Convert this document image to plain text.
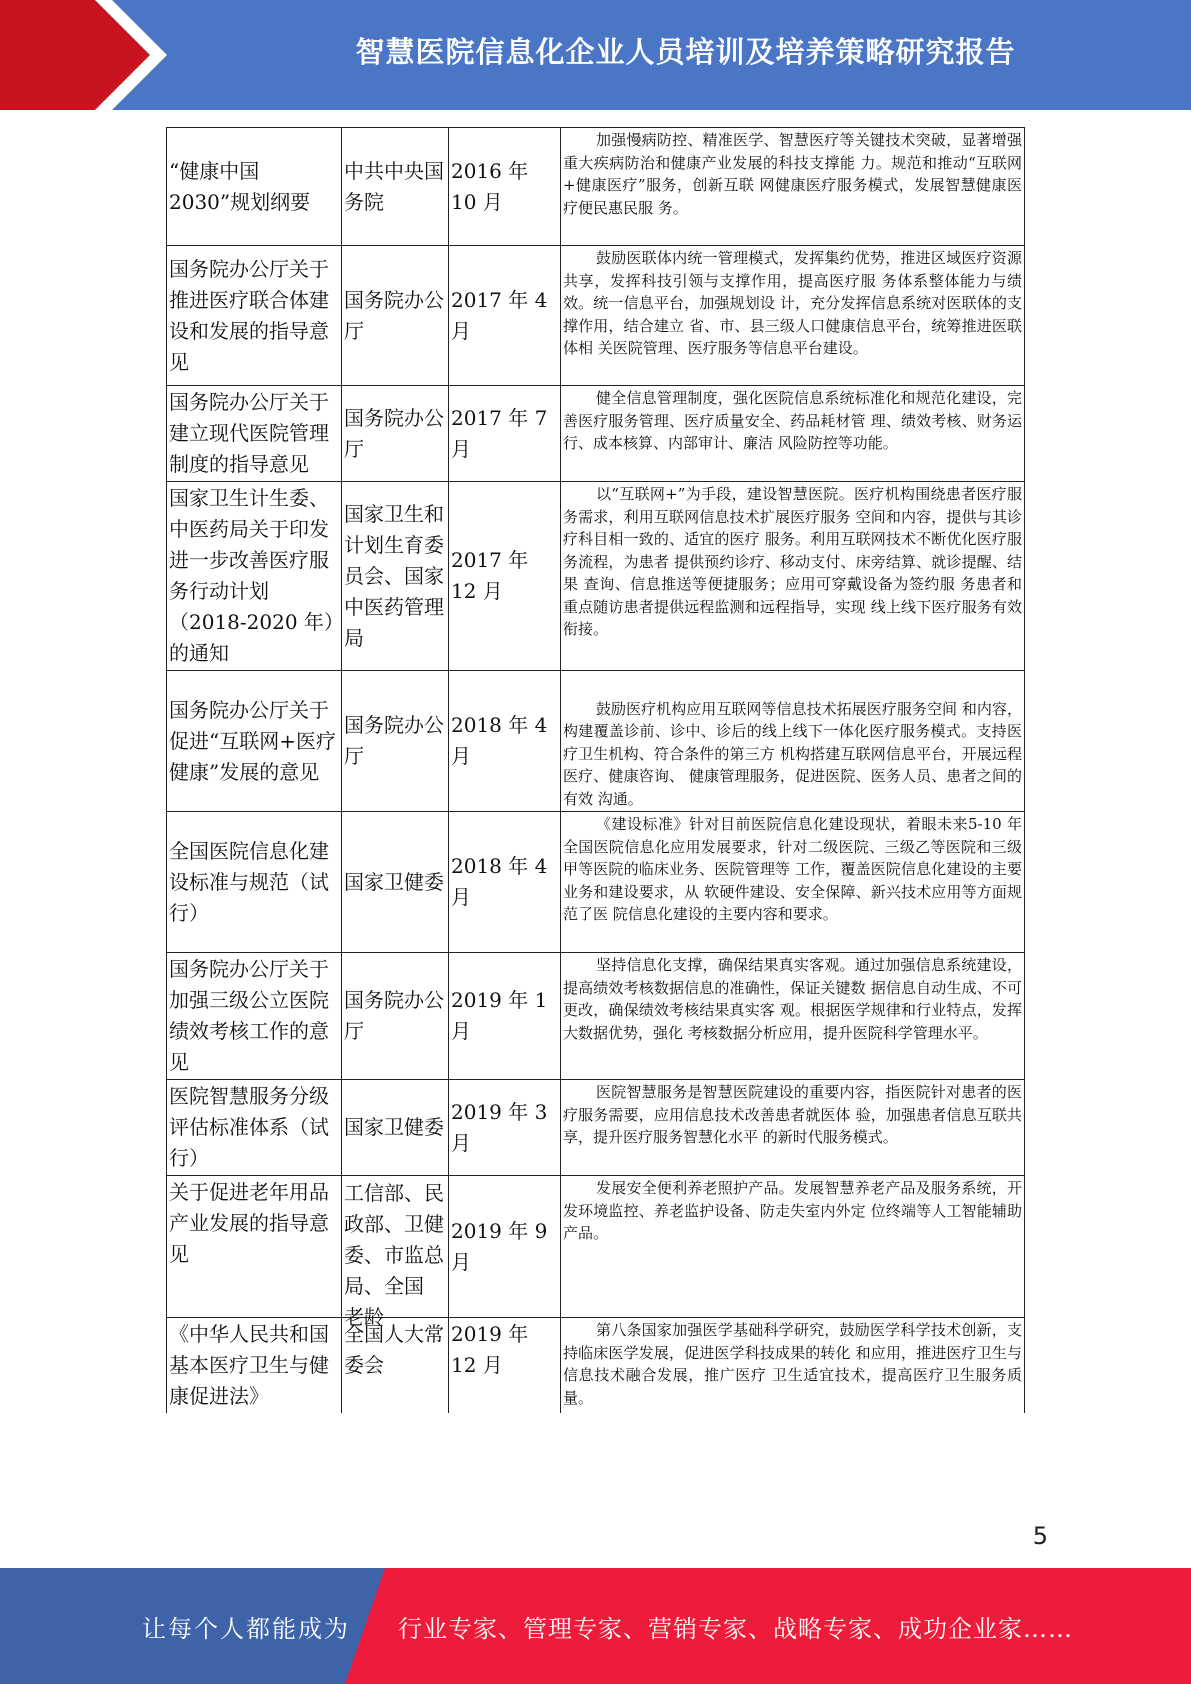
智慧医院信息化企业人员培训及培养策略研究报告
“健康中国 2030”规划纲要	中共中央国务院	2016 年 10 月	加强慢病防控、精准医学、智慧医疗等关键技术突破，显著增强重大疾病防治和健康产业发展的科技支撑能 力。规范和推动“互联网+健康医疗”服务，创新互联 网健康医疗服务模式，发展智慧健康医疗便民惠民服 务。
国务院办公厅关于推进医疗联合体建设和发展的指导意见	国务院办公厅	2017 年 4 月	鼓励医联体内统一管理模式，发挥集约优势，推进区域医疗资源共享，发挥科技引领与支撑作用，提高医疗服 务体系整体能力与绩效。统一信息平台，加强规划设 计，充分发挥信息系统对医联体的支撑作用，结合建立 省、市、县三级人口健康信息平台，统筹推进医联体相 关医院管理、医疗服务等信息平台建设。
国务院办公厅关于建立现代医院管理制度的指导意见	国务院办公厅	2017 年 7 月	健全信息管理制度，强化医院信息系统标准化和规范化建设，完善医疗服务管理、医疗质量安全、药品耗材管 理、绩效考核、财务运行、成本核算、内部审计、廉洁 风险防控等功能。
国家卫生计生委、中医药局关于印发进一步改善医疗服务行动计划（2018-2020 年）的通知	国家卫生和计划生育委员会、国家中医药管理局	2017 年 12 月	以“互联网+”为手段，建设智慧医院。医疗机构围绕患者医疗服务需求，利用互联网信息技术扩展医疗服务 空间和内容，提供与其诊疗科目相一致的、适宜的医疗 服务。利用互联网技术不断优化医疗服务流程，为患者 提供预约诊疗、移动支付、床旁结算、就诊提醒、结果 查询、信息推送等便捷服务；应用可穿戴设备为签约服 务患者和重点随访患者提供远程监测和远程指导，实现 线上线下医疗服务有效衔接。
国务院办公厅关于促进“互联网+医疗健康”发展的意见	国务院办公厅	2018 年 4 月	鼓励医疗机构应用互联网等信息技术拓展医疗服务空间 和内容，构建覆盖诊前、诊中、诊后的线上线下一体化医疗服务模式。支持医疗卫生机构、符合条件的第三方 机构搭建互联网信息平台，开展远程医疗、健康咨询、 健康管理服务，促进医院、医务人员、患者之间的有效 沟通。
全国医院信息化建设标准与规范（试行）	国家卫健委	2018 年 4 月	《建设标准》针对目前医院信息化建设现状，着眼未来5-10 年全国医院信息化应用发展要求，针对二级医院、三级乙等医院和三级甲等医院的临床业务、医院管理等 工作，覆盖医院信息化建设的主要业务和建设要求，从 软硬件建设、安全保障、新兴技术应用等方面规范了医 院信息化建设的主要内容和要求。
国务院办公厅关于加强三级公立医院绩效考核工作的意见	国务院办公厅	2019 年 1 月	坚持信息化支撑，确保结果真实客观。通过加强信息系统建设，提高绩效考核数据信息的准确性，保证关键数 据信息自动生成、不可更改，确保绩效考核结果真实客 观。根据医学规律和行业特点，发挥大数据优势，强化 考核数据分析应用，提升医院科学管理水平。
医院智慧服务分级评估标准体系（试行）	国家卫健委	2019 年 3 月	医院智慧服务是智慧医院建设的重要内容，指医院针对患者的医疗服务需要，应用信息技术改善患者就医体 验，加强患者信息互联共享，提升医疗服务智慧化水平 的新时代服务模式。
关于促进老年用品产业发展的指导意见	工信部、民政部、卫健委、市监总 局、全国 老龄	2019 年 9 月	发展安全便利养老照护产品。发展智慧养老产品及服务系统，开发环境监控、养老监护设备、防走失室内外定 位终端等人工智能辅助产品。
《中华人民共和国基本医疗卫生与健康促进法》	全国人大常委会	2019 年 12 月	第八条国家加强医学基础科学研究，鼓励医学科学技术创新，支持临床医学发展，促进医学科技成果的转化 和应用，推进医疗卫生与信息技术融合发展，推广医疗 卫生适宜技术，提高医疗卫生服务质量。
5
让每个人都能成为 行业专家、管理专家、营销专家、战略专家、成功企业家……
